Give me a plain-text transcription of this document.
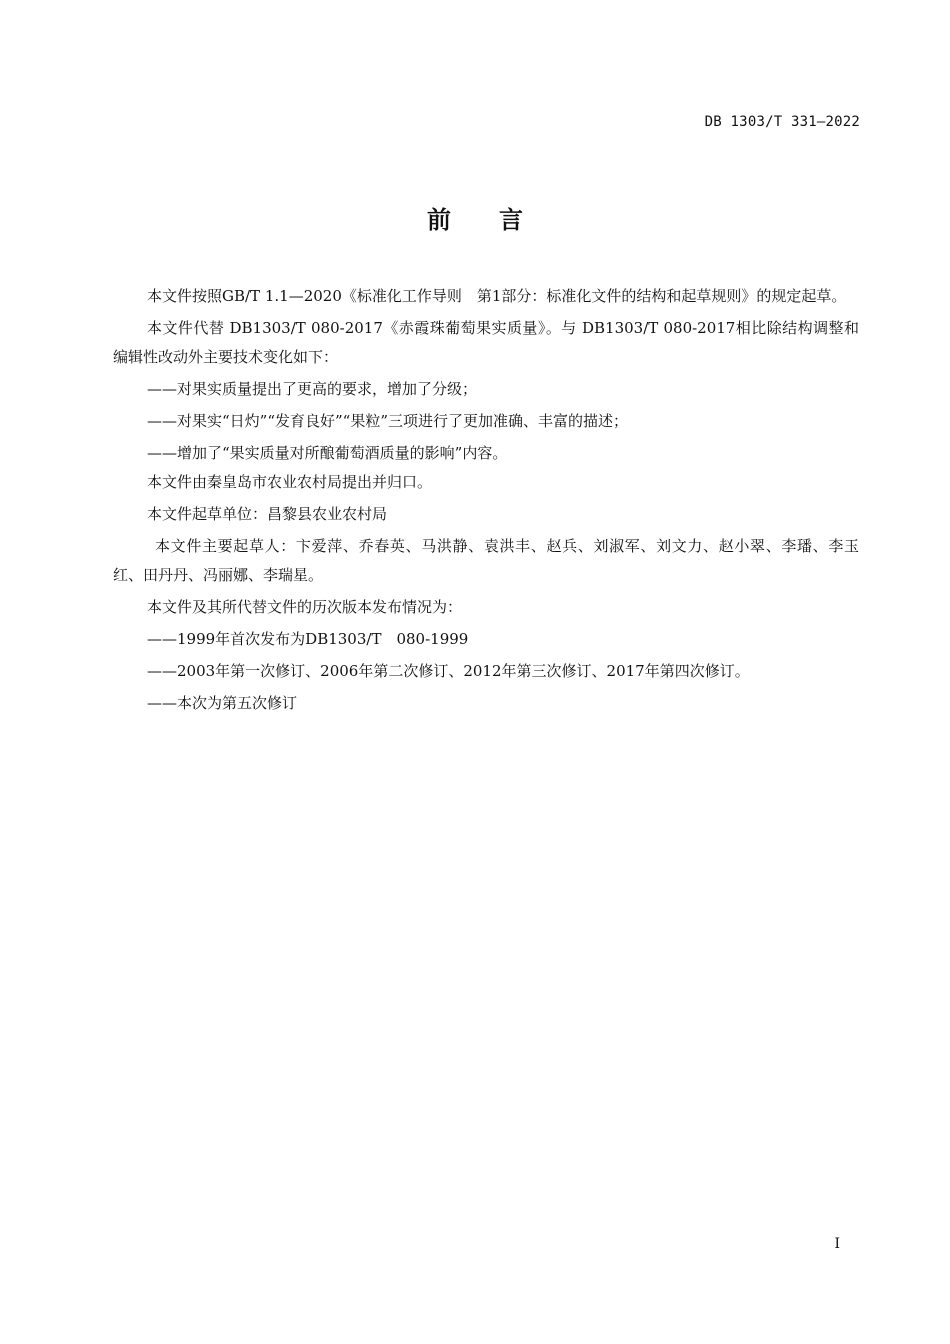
DB 1303/T 331—2022
前言

本文件按照GB/T 1.1—2020《标准化工作导则　第1部分：标准化文件的结构和起草规则》的规定起草。

本文件代替 DB1303/T 080-2017《赤霞珠葡萄果实质量》。与 DB1303/T 080-2017相比除结构调整和编辑性改动外主要技术变化如下：

——对果实质量提出了更高的要求，增加了分级；

——对果实“日灼”“发育良好”“果粒”三项进行了更加准确、丰富的描述；

——增加了“果实质量对所酿葡萄酒质量的影响”内容。

本文件由秦皇岛市农业农村局提出并归口。

本文件起草单位：昌黎县农业农村局

本文件主要起草人：卞爱萍、乔春英、马洪静、袁洪丰、赵兵、刘淑军、刘文力、赵小翠、李璠、李玉红、田丹丹、冯丽娜、李瑞星。

本文件及其所代替文件的历次版本发布情况为：

——1999年首次发布为DB1303/T　080-1999

——2003年第一次修订、2006年第二次修订、2012年第三次修订、2017年第四次修订。

——本次为第五次修订

I
